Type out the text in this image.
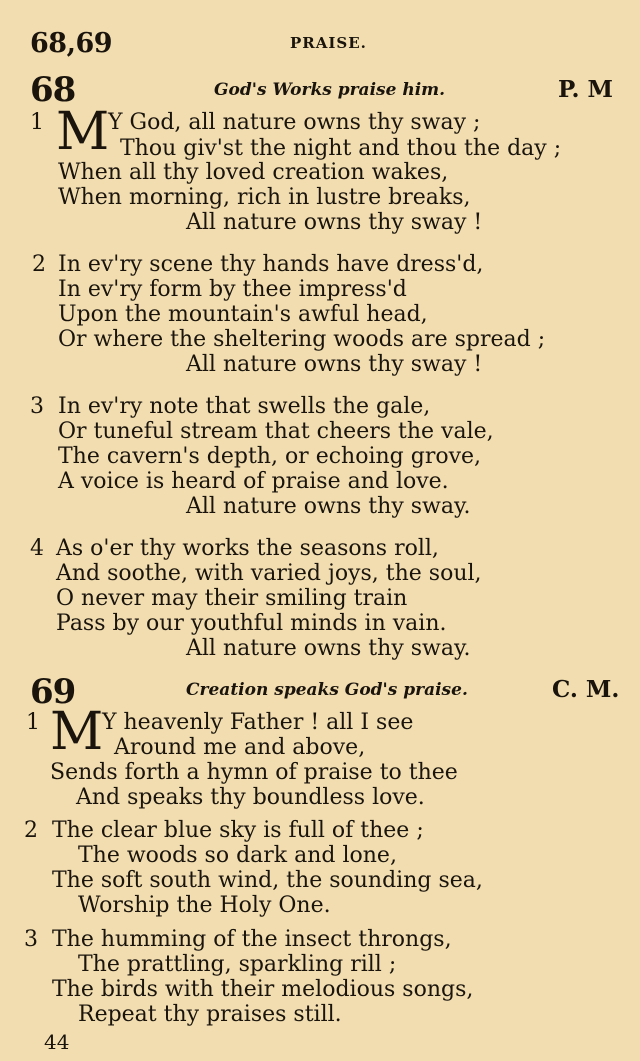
68,69	PRAISE.
68	God's Works praise him.	P. M
1 M
Y God, all nature owns thy sway ;
Thou giv'st the night and thou the day ;
When all thy loved creation wakes,
When morning, rich in lustre breaks,
All nature owns thy sway !
2 In ev'ry scene thy hands have dress'd,
In ev'ry form by thee impress'd
Upon the mountain's awful head,
Or where the sheltering woods are spread ;
All nature owns thy sway !
3 In ev'ry note that swells the gale,
Or tuneful stream that cheers the vale,
The cavern's depth, or echoing grove,
A voice is heard of praise and love.
All nature owns thy sway.
4 As o'er thy works the seasons roll,
And soothe, with varied joys, the soul,
O never may their smiling train
Pass by our youthful minds in vain.
All nature owns thy sway.
69	Creation speaks God's praise.	C. M.
1 M
Y heavenly Father ! all I see
Around me and above,
Sends forth a hymn of praise to thee
And speaks thy boundless love.
2 The clear blue sky is full of thee ;
The woods so dark and lone,
The soft south wind, the sounding sea,
Worship the Holy One.
3 The humming of the insect throngs,
The prattling, sparkling rill ;
The birds with their melodious songs,
Repeat thy praises still.
44
